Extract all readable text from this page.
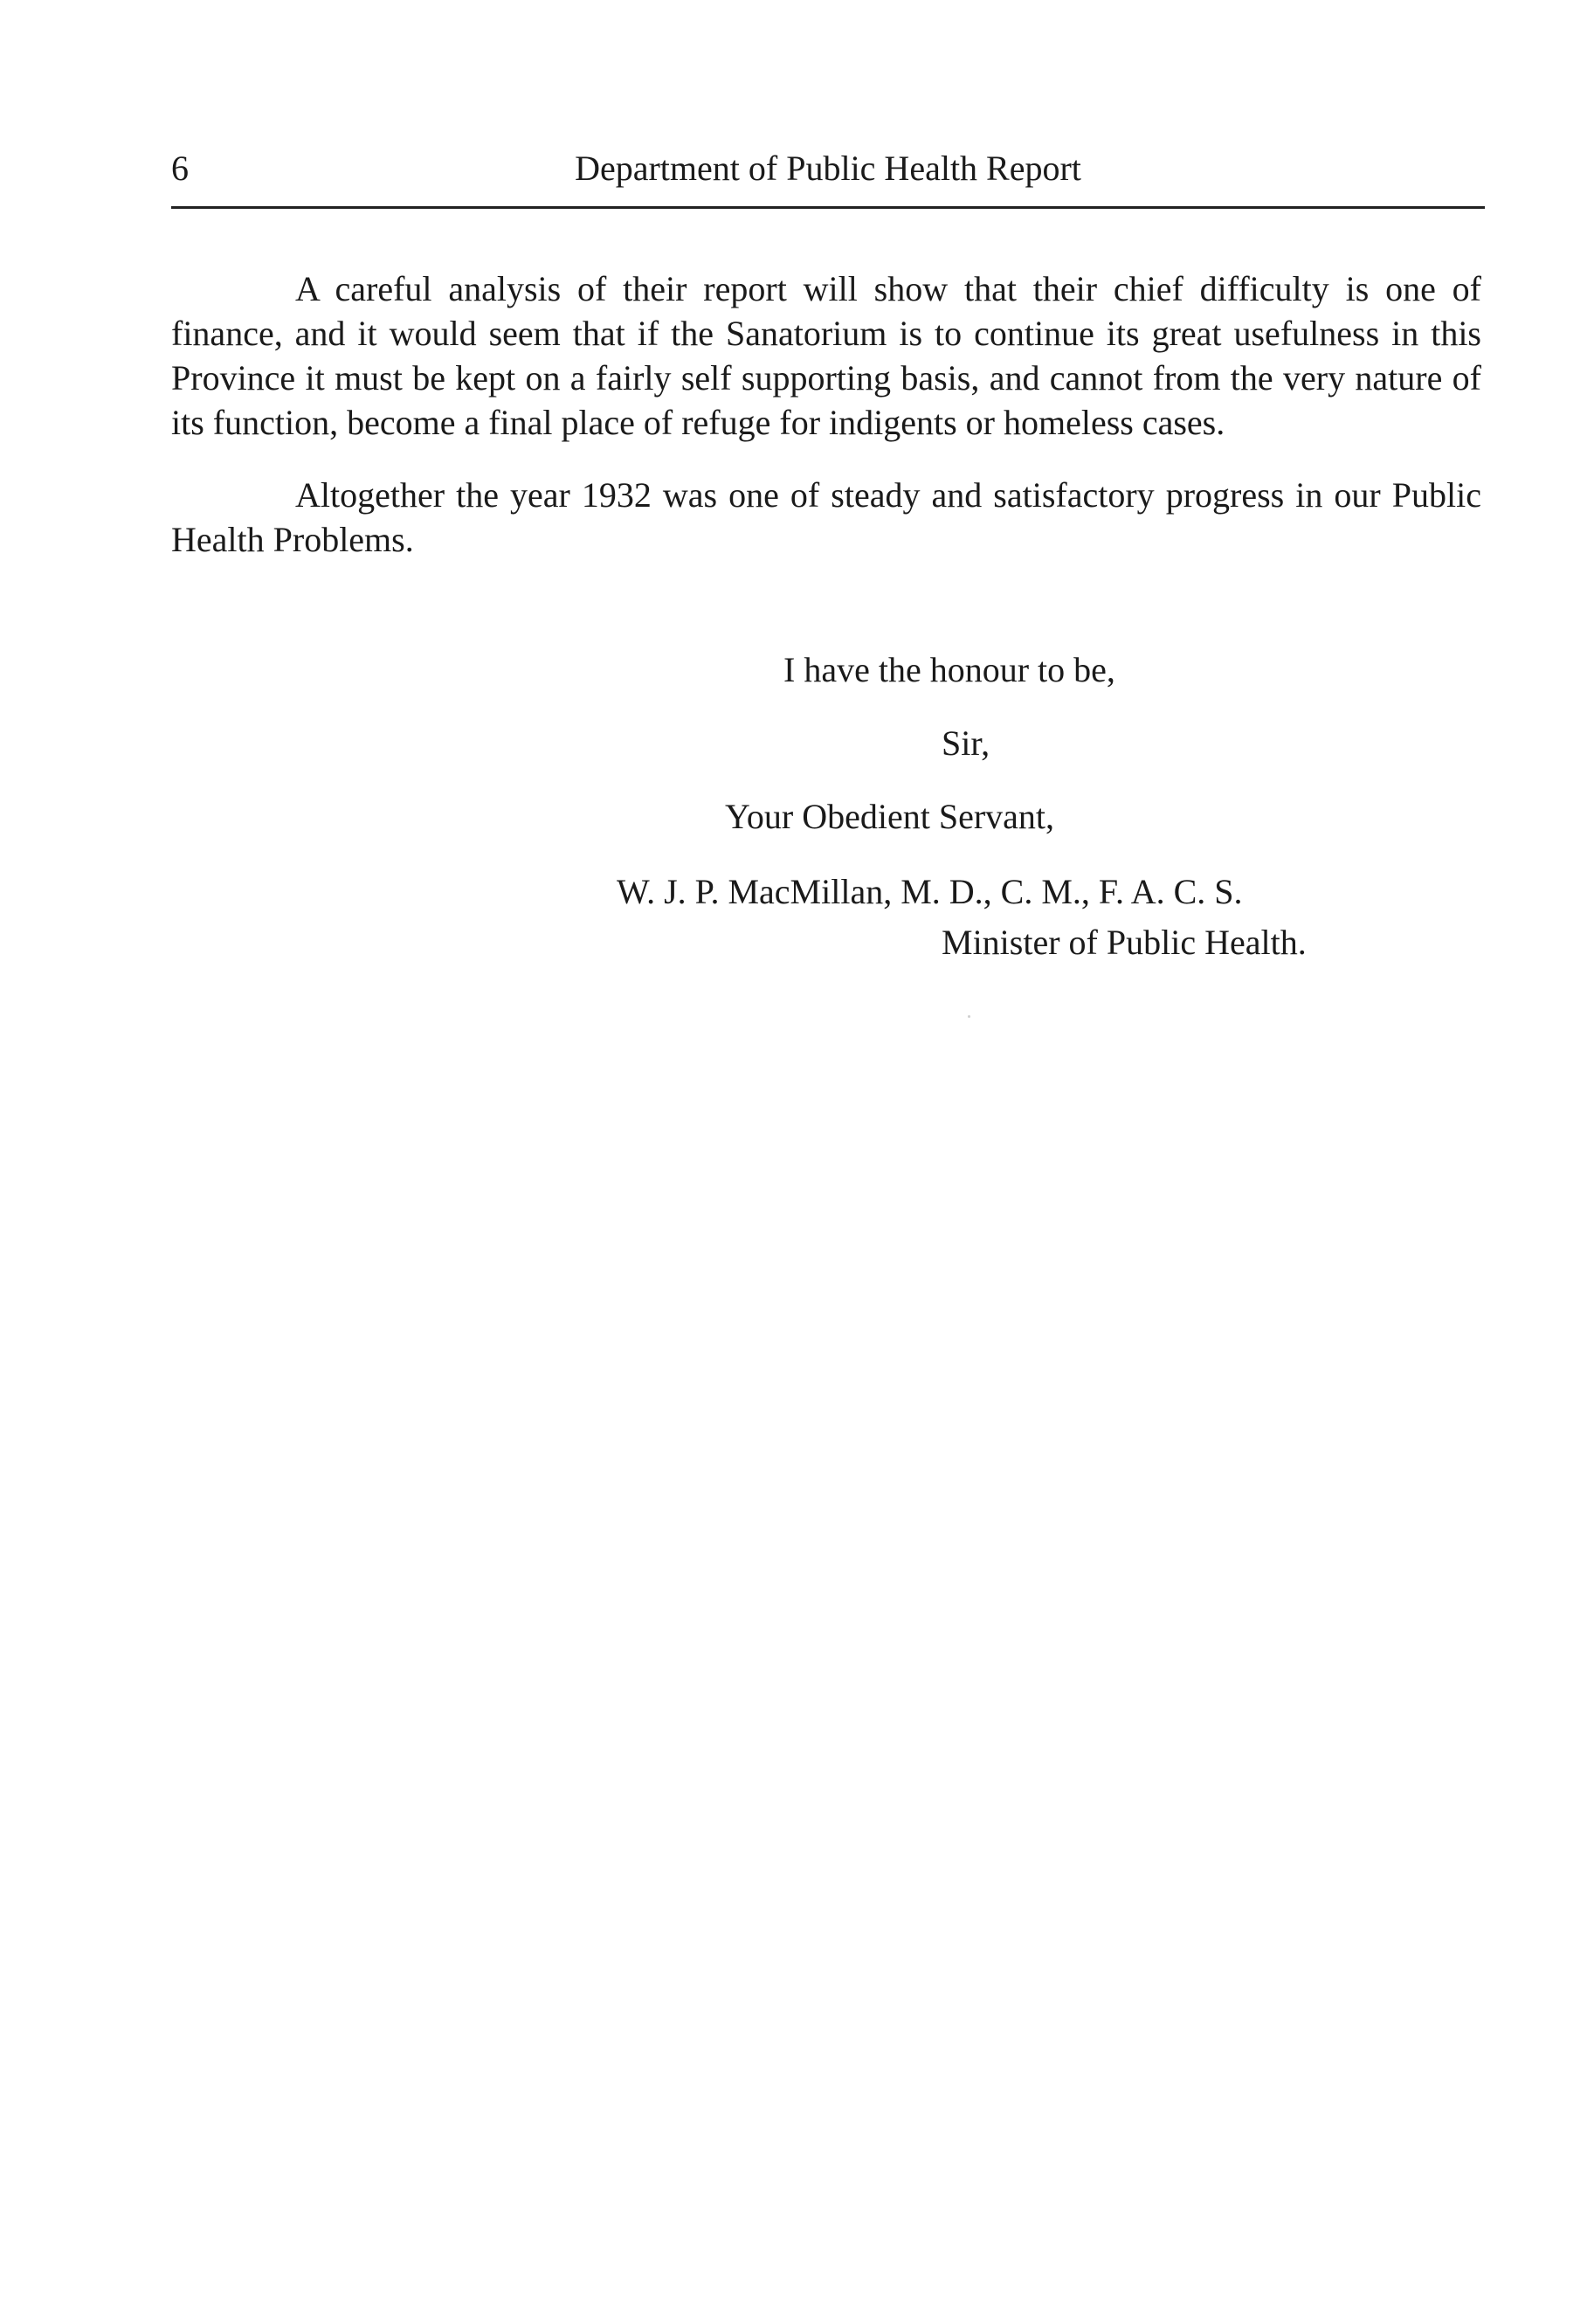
6	Department of Public Health Report

A careful analysis of their report will show that their chief difficulty is one of finance, and it would seem that if the Sanatorium is to continue its great usefulness in this Province it must be kept on a fairly self supporting basis, and cannot from the very nature of its function, become a final place of refuge for indigents or homeless cases.

Altogether the year 1932 was one of steady and satisfactory progress in our Public Health Problems.

I have the honour to be,
Sir,
Your Obedient Servant,
W. J. P. MacMillan, M. D., C. M., F. A. C. S.
Minister of Public Health.
